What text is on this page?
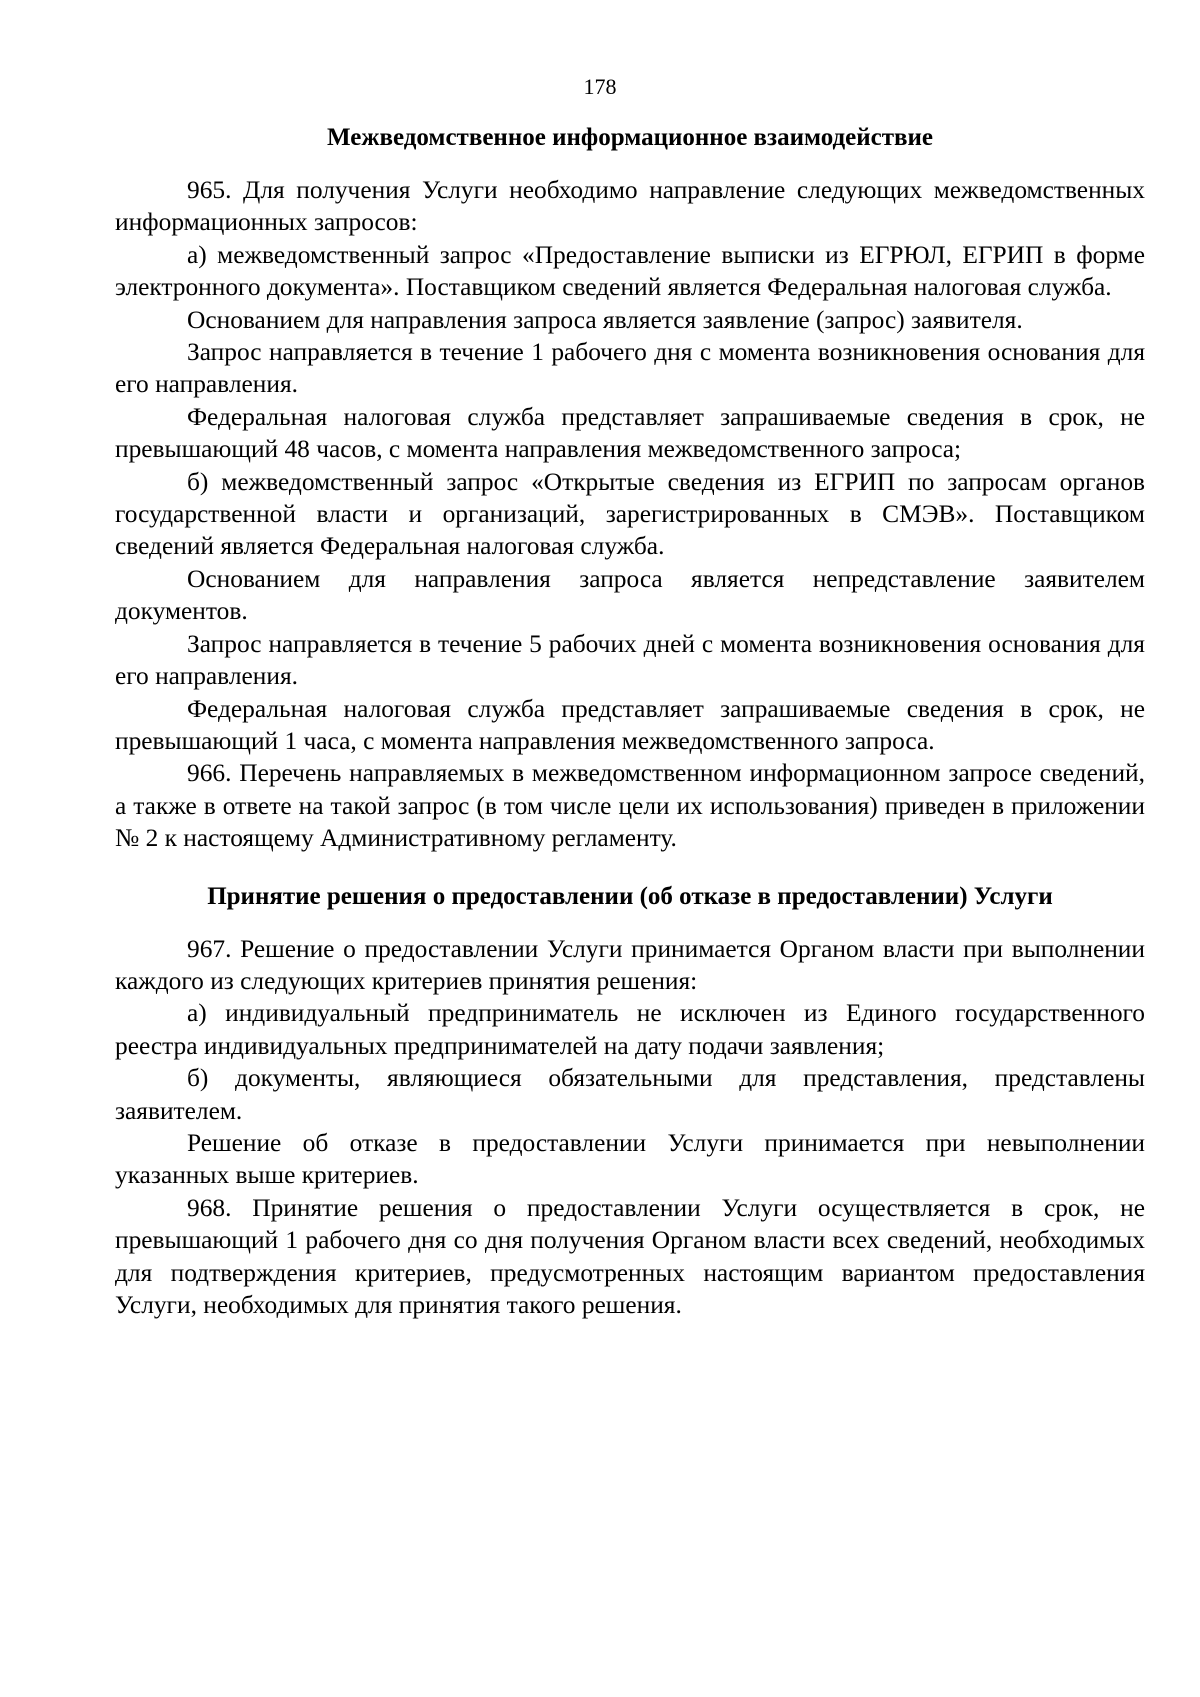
178
Межведомственное информационное взаимодействие

965. Для получения Услуги необходимо направление следующих межведомственных информационных запросов:

а) межведомственный запрос «Предоставление выписки из ЕГРЮЛ, ЕГРИП в форме электронного документа». Поставщиком сведений является Федеральная налоговая служба.

Основанием для направления запроса является заявление (запрос) заявителя.

Запрос направляется в течение 1 рабочего дня с момента возникновения основания для его направления.

Федеральная налоговая служба представляет запрашиваемые сведения в срок, не превышающий 48 часов, с момента направления межведомственного запроса;

б) межведомственный запрос «Открытые сведения из ЕГРИП по запросам органов государственной власти и организаций, зарегистрированных в СМЭВ». Поставщиком сведений является Федеральная налоговая служба.

Основанием для направления запроса является непредставление заявителем документов.

Запрос направляется в течение 5 рабочих дней с момента возникновения основания для его направления.

Федеральная налоговая служба представляет запрашиваемые сведения в срок, не превышающий 1 часа, с момента направления межведомственного запроса.

966. Перечень направляемых в межведомственном информационном запросе сведений, а также в ответе на такой запрос (в том числе цели их использования) приведен в приложении № 2 к настоящему Административному регламенту.

Принятие решения о предоставлении (об отказе в предоставлении) Услуги

967. Решение о предоставлении Услуги принимается Органом власти при выполнении каждого из следующих критериев принятия решения:

а) индивидуальный предприниматель не исключен из Единого государственного реестра индивидуальных предпринимателей на дату подачи заявления;

б) документы, являющиеся обязательными для представления, представлены заявителем.

Решение об отказе в предоставлении Услуги принимается при невыполнении указанных выше критериев.

968. Принятие решения о предоставлении Услуги осуществляется в срок, не превышающий 1 рабочего дня со дня получения Органом власти всех сведений, необходимых для подтверждения критериев, предусмотренных настоящим вариантом предоставления Услуги, необходимых для принятия такого решения.
